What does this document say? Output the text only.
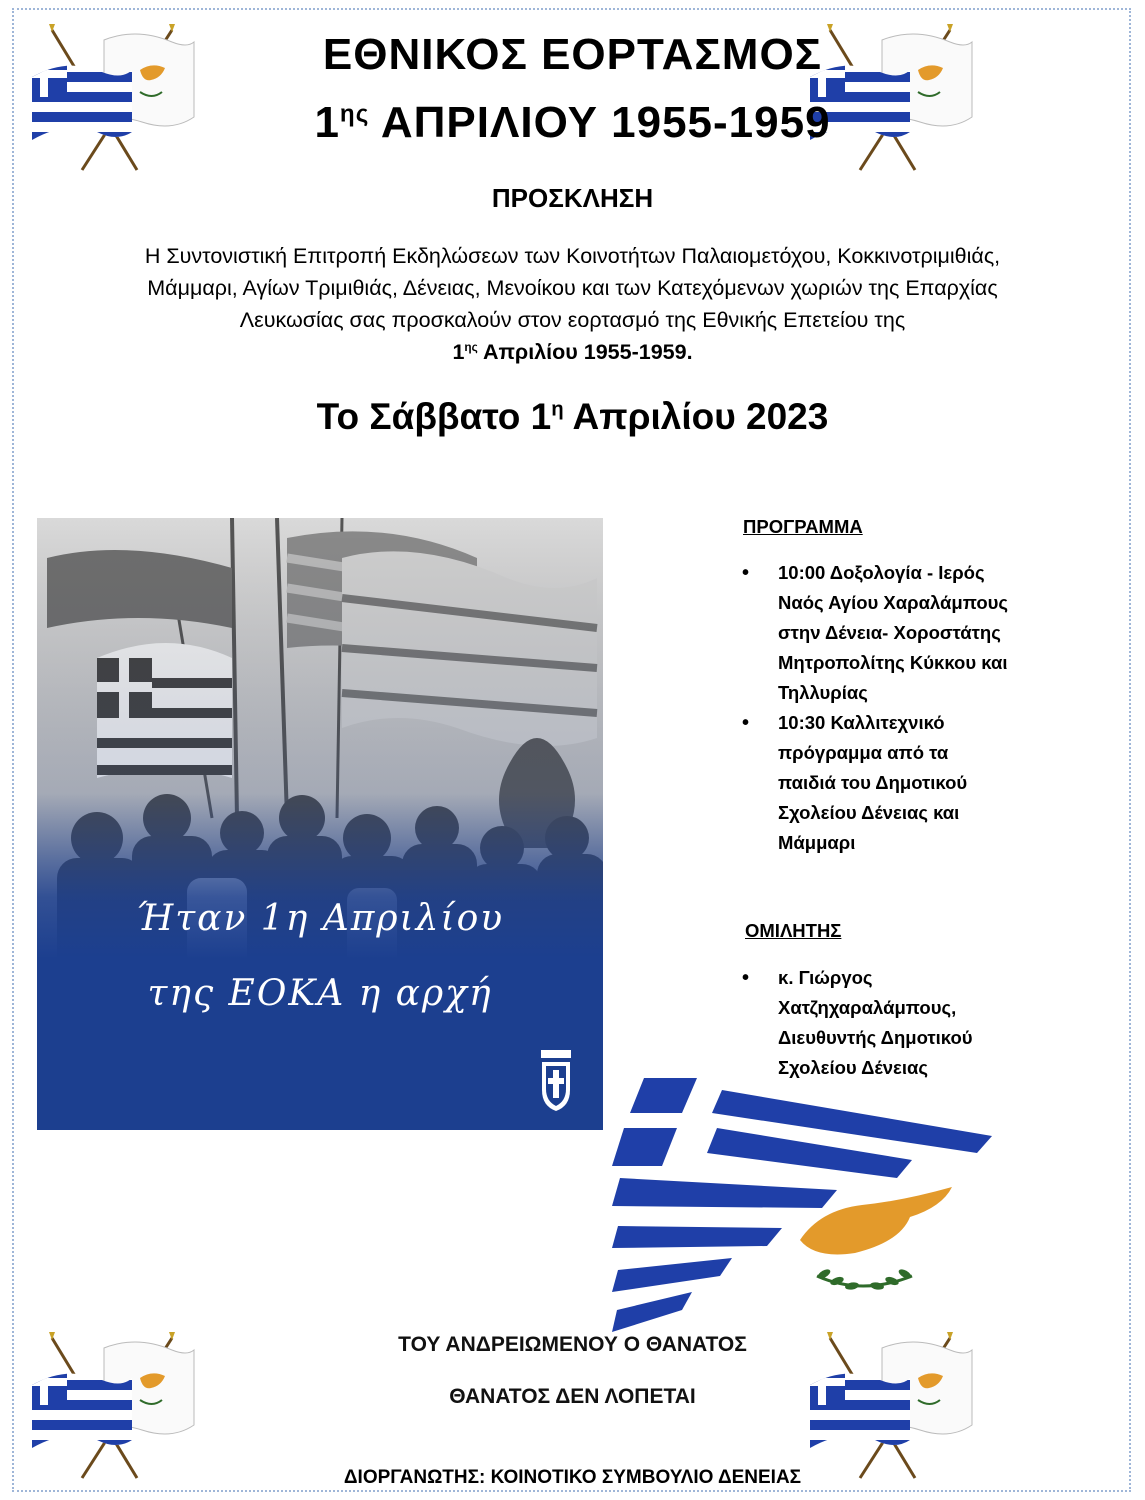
ΕΘΝΙΚΟΣ ΕΟΡΤΑΣΜΟΣ
$1^{\eta\varsigma}$ ΑΠΡΙΛΙΟΥ 1955-1959
ΠΡΟΣΚΛΗΣΗ
Η Συντονιστική Επιτροπή Εκδηλώσεων των Κοινοτήτων Παλαιομετόχου, Κοκκινοτριμιθιάς,
Μάμμαρι, Αγίων Τριμιθιάς, Δένειας, Μενοίκου και των Κατεχόμενων χωριών της Επαρχίας
Λευκωσίας σας προσκαλούν στον εορτασμό της Εθνικής Επετείου της
$1^{\eta\varsigma}$ Απριλίου 1955-1959.
Το Σάββατο $1^\eta$ Απριλίου 2023
Ήταν 1η Απριλίου
της ΕΟΚΑ η αρχή
ΠΡΟΓΡΑΜΜΑ
• 10:00 Δοξολογία - Ιερός
Ναός Αγίου Χαραλάμπους
στην Δένεια- Χοροστάτης
Μητροπολίτης Κύκκου και
Τηλλυρίας
• 10:30 Καλλιτεχνικό
πρόγραμμα από τα
παιδιά του Δημοτικού
Σχολείου Δένειας και
Μάμμαρι
ΟΜΙΛΗΤΗΣ
• κ. Γιώργος
Χατζηχαραλάμπους,
Διευθυντής Δημοτικού
Σχολείου Δένειας
ΤΟΥ ΑΝΔΡΕΙΩΜΕΝΟΥ Ο ΘΑΝΑΤΟΣ
ΘΑΝΑΤΟΣ ΔΕΝ ΛΟΠΕΤΑΙ
ΔΙΟΡΓΑΝΩΤΗΣ: ΚΟΙΝΟΤΙΚΟ ΣΥΜΒΟΥΛΙΟ ΔΕΝΕΙΑΣ
